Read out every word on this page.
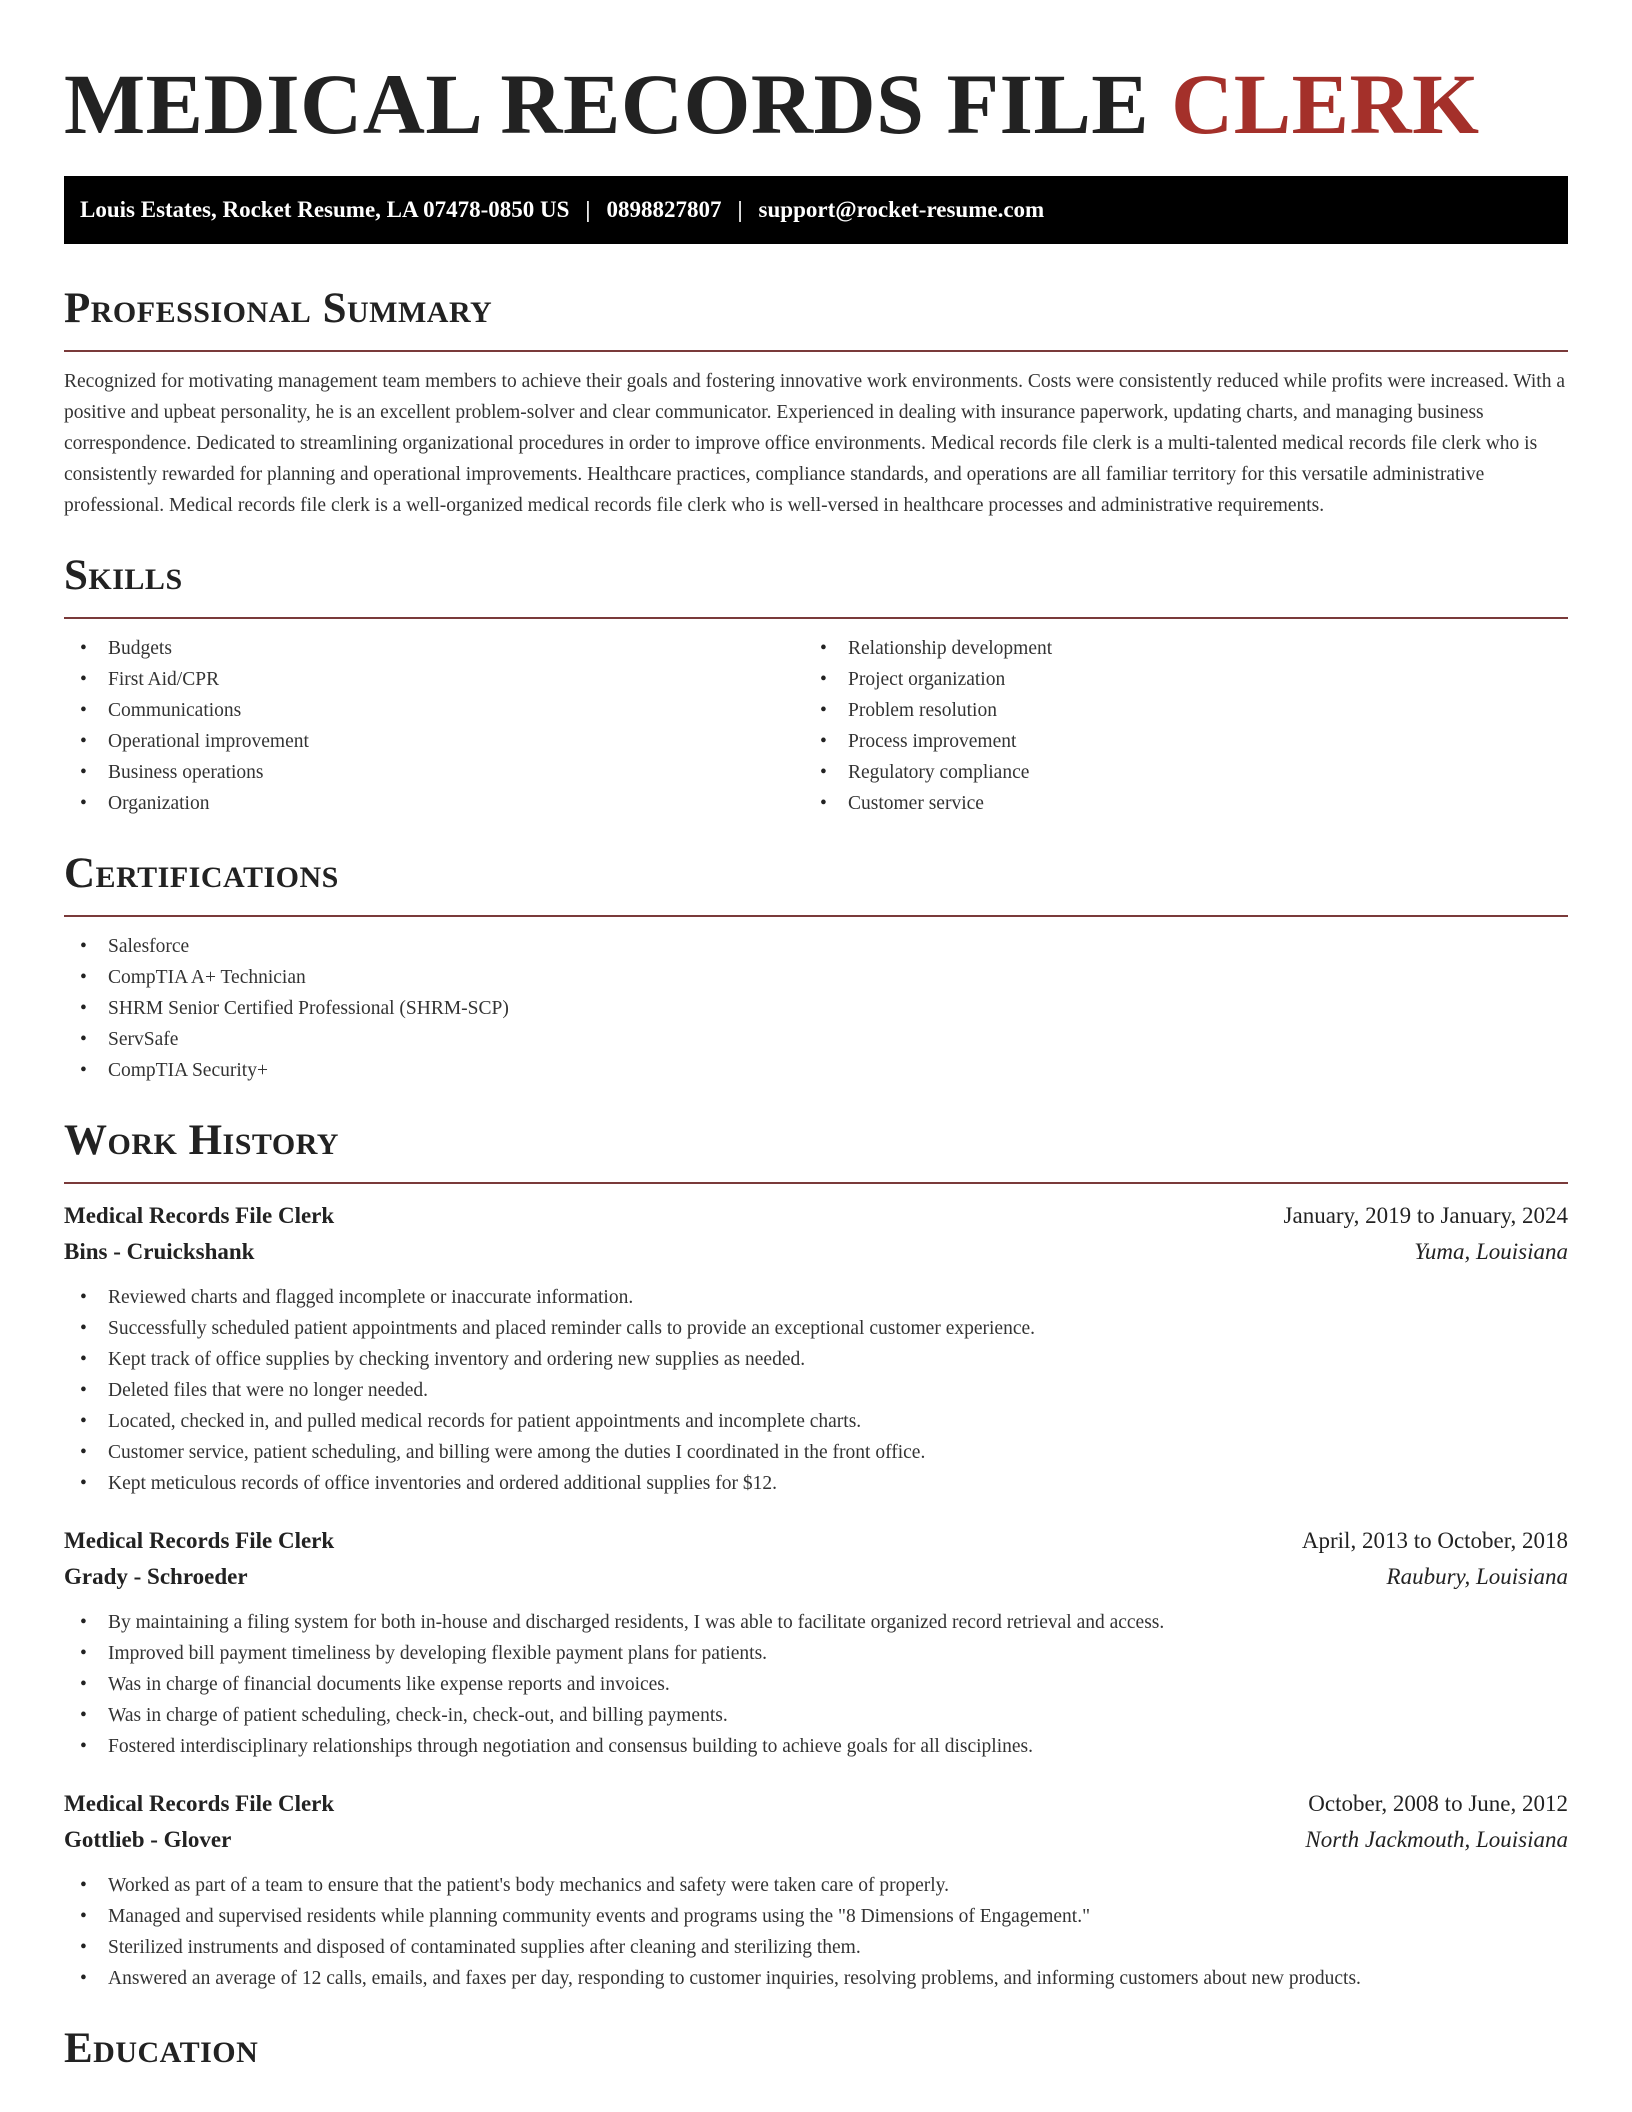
MEDICAL RECORDS FILE CLERK
Louis Estates, Rocket Resume, LA 07478-0850 US | 0898827807 | support@rocket-resume.com
Professional Summary

Recognized for motivating management team members to achieve their goals and fostering innovative work environments. Costs were consistently reduced while profits were increased. With a positive and upbeat personality, he is an excellent problem-solver and clear communicator. Experienced in dealing with insurance paperwork, updating charts, and managing business correspondence. Dedicated to streamlining organizational procedures in order to improve office environments. Medical records file clerk is a multi-talented medical records file clerk who is consistently rewarded for planning and operational improvements. Healthcare practices, compliance standards, and operations are all familiar territory for this versatile administrative professional. Medical records file clerk is a well-organized medical records file clerk who is well-versed in healthcare processes and administrative requirements.

Skills
• Budgets
• First Aid/CPR
• Communications
• Operational improvement
• Business operations
• Organization
• Relationship development
• Project organization
• Problem resolution
• Process improvement
• Regulatory compliance
• Customer service
Certifications
• Salesforce
• CompTIA A+ Technician
• SHRM Senior Certified Professional (SHRM-SCP)
• ServSafe
• CompTIA Security+
Work History
Medical Records File Clerk	January, 2019 to January, 2024
Bins - Cruickshank	Yuma, Louisiana
• Reviewed charts and flagged incomplete or inaccurate information.
• Successfully scheduled patient appointments and placed reminder calls to provide an exceptional customer experience.
• Kept track of office supplies by checking inventory and ordering new supplies as needed.
• Deleted files that were no longer needed.
• Located, checked in, and pulled medical records for patient appointments and incomplete charts.
• Customer service, patient scheduling, and billing were among the duties I coordinated in the front office.
• Kept meticulous records of office inventories and ordered additional supplies for $12.
Medical Records File Clerk	April, 2013 to October, 2018
Grady - Schroeder	Raubury, Louisiana
• By maintaining a filing system for both in-house and discharged residents, I was able to facilitate organized record retrieval and access.
• Improved bill payment timeliness by developing flexible payment plans for patients.
• Was in charge of financial documents like expense reports and invoices.
• Was in charge of patient scheduling, check-in, check-out, and billing payments.
• Fostered interdisciplinary relationships through negotiation and consensus building to achieve goals for all disciplines.
Medical Records File Clerk	October, 2008 to June, 2012
Gottlieb - Glover	North Jackmouth, Louisiana
• Worked as part of a team to ensure that the patient's body mechanics and safety were taken care of properly.
• Managed and supervised residents while planning community events and programs using the "8 Dimensions of Engagement."
• Sterilized instruments and disposed of contaminated supplies after cleaning and sterilizing them.
• Answered an average of 12 calls, emails, and faxes per day, responding to customer inquiries, resolving problems, and informing customers about new products.
Education
